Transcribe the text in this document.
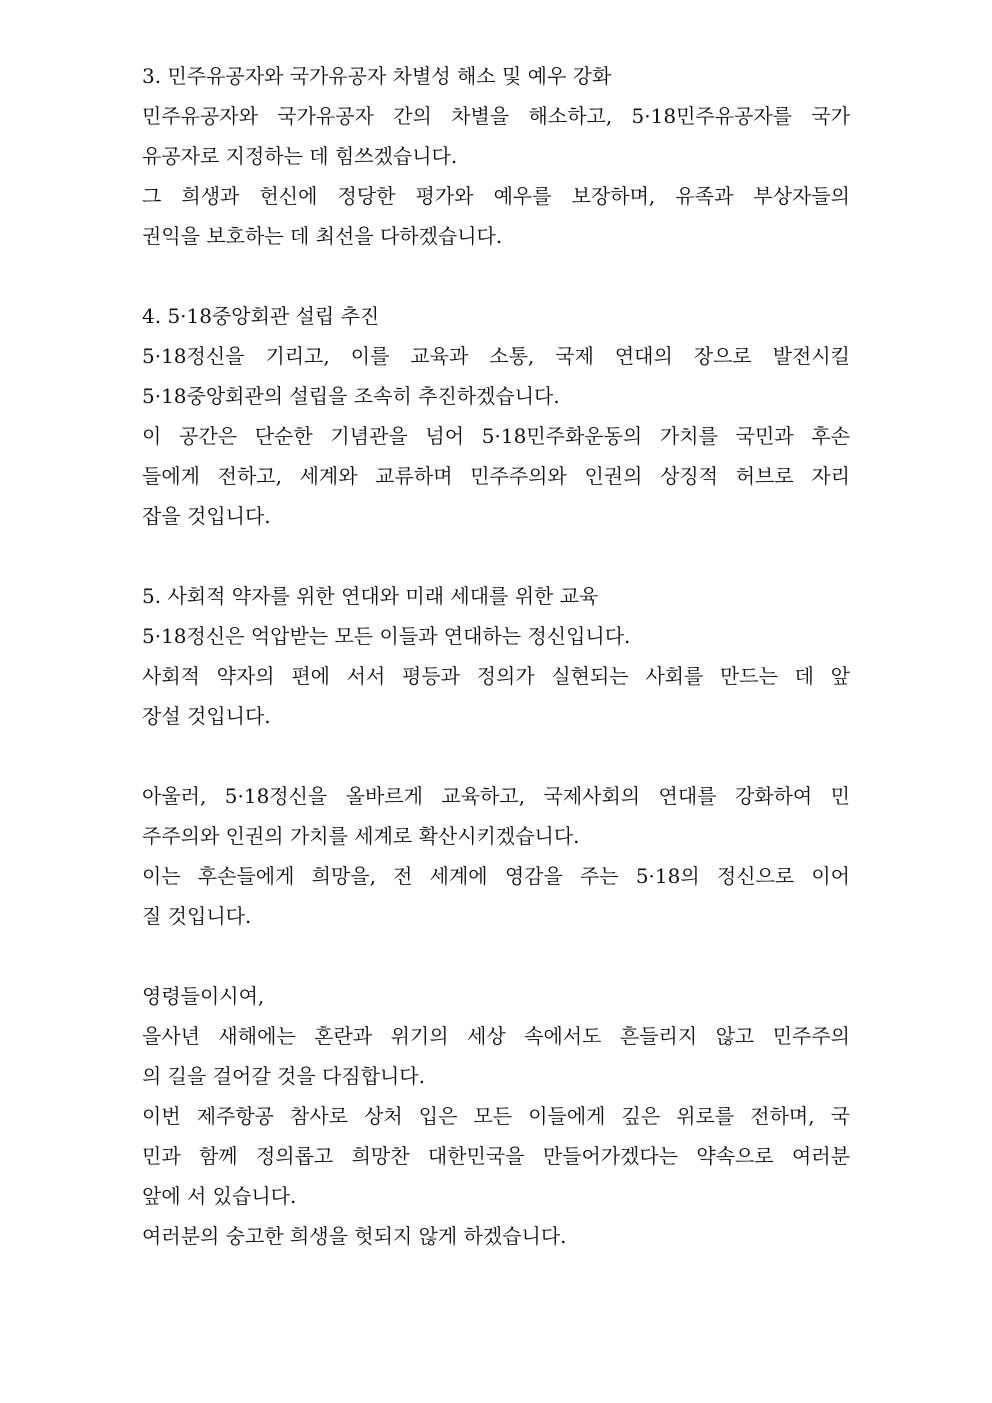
3. 민주유공자와 국가유공자 차별성 해소 및 예우 강화
민주유공자와 국가유공자 간의 차별을 해소하고, 5·18민주유공자를 국가
유공자로 지정하는 데 힘쓰겠습니다.
그 희생과 헌신에 정당한 평가와 예우를 보장하며, 유족과 부상자들의
권익을 보호하는 데 최선을 다하겠습니다.
4. 5·18중앙회관 설립 추진
5·18정신을 기리고, 이를 교육과 소통, 국제 연대의 장으로 발전시킬
5·18중앙회관의 설립을 조속히 추진하겠습니다.
이 공간은 단순한 기념관을 넘어 5·18민주화운동의 가치를 국민과 후손
들에게 전하고, 세계와 교류하며 민주주의와 인권의 상징적 허브로 자리
잡을 것입니다.
5. 사회적 약자를 위한 연대와 미래 세대를 위한 교육
5·18정신은 억압받는 모든 이들과 연대하는 정신입니다.
사회적 약자의 편에 서서 평등과 정의가 실현되는 사회를 만드는 데 앞
장설 것입니다.
아울러, 5·18정신을 올바르게 교육하고, 국제사회의 연대를 강화하여 민
주주의와 인권의 가치를 세계로 확산시키겠습니다.
이는 후손들에게 희망을, 전 세계에 영감을 주는 5·18의 정신으로 이어
질 것입니다.
영령들이시여,
을사년 새해에는 혼란과 위기의 세상 속에서도 흔들리지 않고 민주주의
의 길을 걸어갈 것을 다짐합니다.
이번 제주항공 참사로 상처 입은 모든 이들에게 깊은 위로를 전하며, 국
민과 함께 정의롭고 희망찬 대한민국을 만들어가겠다는 약속으로 여러분
앞에 서 있습니다.
여러분의 숭고한 희생을 헛되지 않게 하겠습니다.
